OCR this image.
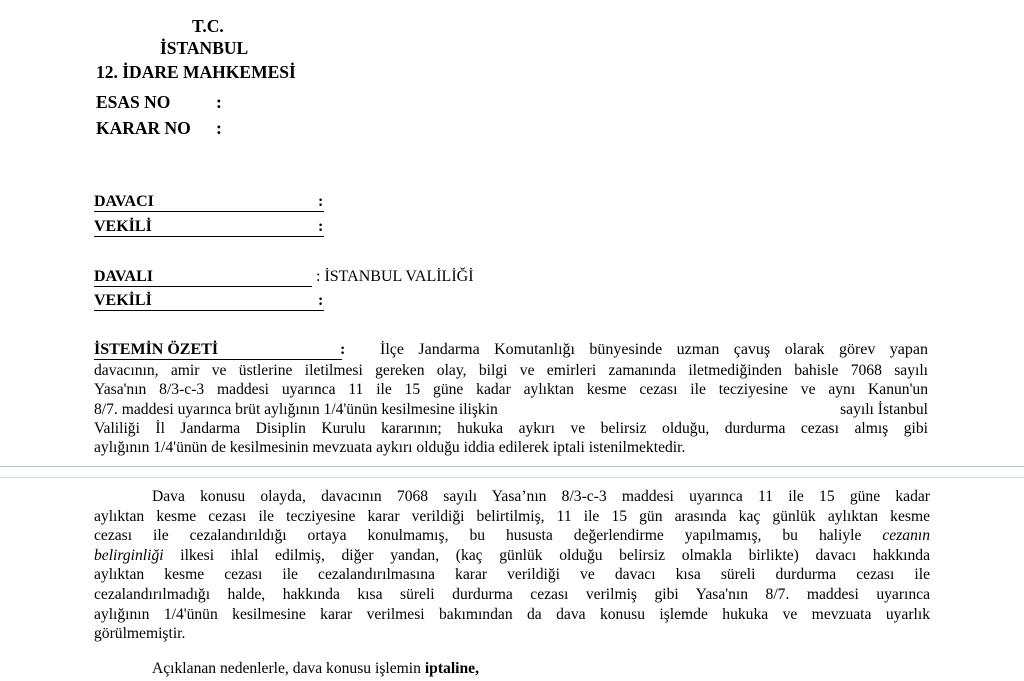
T.C.
İSTANBUL
12. İDARE MAHKEMESİ
ESAS NO	:
KARAR NO :
DAVACI	:
VEKİLİ	:
DAVALI	: İSTANBUL VALİLİĞİ
VEKİLİ	:
İSTEMİN ÖZETİ	: İlçe Jandarma Komutanlığı bünyesinde uzman çavuş olarak görev yapan
davacının, amir ve üstlerine iletilmesi gereken olay, bilgi ve emirleri zamanında iletmediğinden bahisle 7068 sayılı
Yasa'nın 8/3-c-3 maddesi uyarınca 11 ile 15 güne kadar aylıktan kesme cezası ile tecziyesine ve aynı Kanun'un
8/7. maddesi uyarınca brüt aylığının 1/4'ünün kesilmesine ilişkin	sayılı İstanbul
Valiliği İl Jandarma Disiplin Kurulu kararının; hukuka aykırı ve belirsiz olduğu, durdurma cezası almış gibi
aylığının 1/4'ünün de kesilmesinin mevzuata aykırı olduğu iddia edilerek iptali istenilmektedir.
Dava konusu olayda, davacının 7068 sayılı Yasa’nın 8/3-c-3 maddesi uyarınca 11 ile 15 güne kadar
aylıktan kesme cezası ile tecziyesine karar verildiği belirtilmiş, 11 ile 15 gün arasında kaç günlük aylıktan kesme
cezası ile cezalandırıldığı ortaya konulmamış, bu hususta değerlendirme yapılmamış, bu haliyle cezanın
belirginliği ilkesi ihlal edilmiş, diğer yandan, (kaç günlük olduğu belirsiz olmakla birlikte) davacı hakkında
aylıktan kesme cezası ile cezalandırılmasına karar verildiği ve davacı kısa süreli durdurma cezası ile
cezalandırılmadığı halde, hakkında kısa süreli durdurma cezası verilmiş gibi Yasa'nın 8/7. maddesi uyarınca
aylığının 1/4'ünün kesilmesine karar verilmesi bakımından da dava konusu işlemde hukuka ve mevzuata uyarlık
görülmemiştir.
Açıklanan nedenlerle, dava konusu işlemin iptaline,
